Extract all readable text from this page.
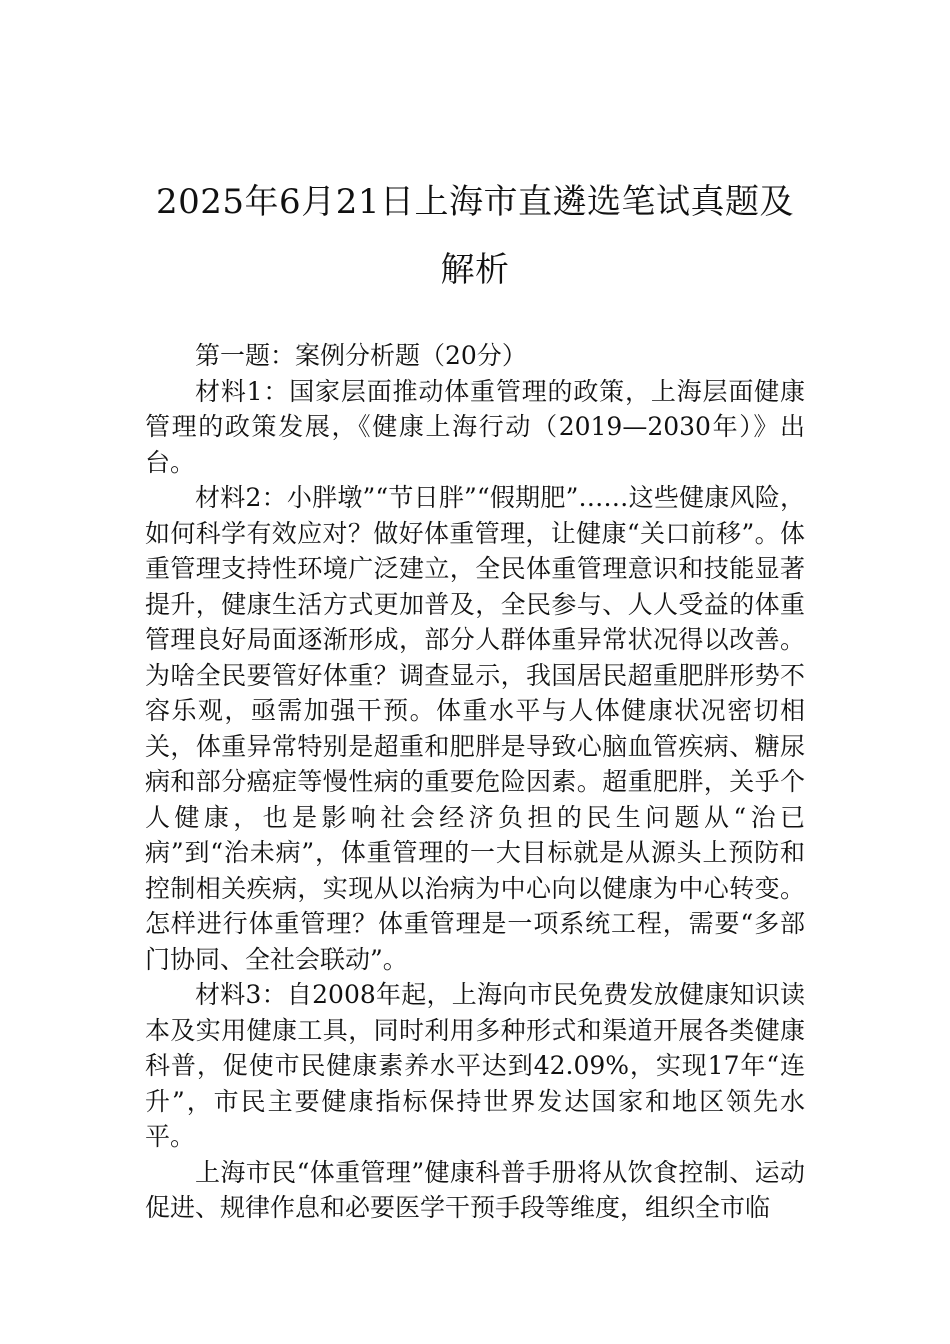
2025年6月21日上海市直遴选笔试真题及
解析

第一题：案例分析题（20分）

材料1：国家层面推动体重管理的政策，上海层面健康管理的政策发展，《健康上海行动（2019—2030年）》出台。

材料2：小胖墩”“节日胖”“假期肥”……这些健康风险，如何科学有效应对？做好体重管理，让健康“关口前移”。体重管理支持性环境广泛建立，全民体重管理意识和技能显著提升，健康生活方式更加普及，全民参与、人人受益的体重管理良好局面逐渐形成，部分人群体重异常状况得以改善。为啥全民要管好体重？调查显示，我国居民超重肥胖形势不容乐观，亟需加强干预。体重水平与人体健康状况密切相关，体重异常特别是超重和肥胖是导致心脑血管疾病、糖尿病和部分癌症等慢性病的重要危险因素。超重肥胖，关乎个人健康，也是影响社会经济负担的民生问题从“治已病”到“治未病”，体重管理的一大目标就是从源头上预防和控制相关疾病，实现从以治病为中心向以健康为中心转变。怎样进行体重管理？体重管理是一项系统工程，需要“多部门协同、全社会联动”。

材料3：自2008年起，上海向市民免费发放健康知识读本及实用健康工具，同时利用多种形式和渠道开展各类健康科普，促使市民健康素养水平达到42.09%，实现17年“连升”，市民主要健康指标保持世界发达国家和地区领先水平。

上海市民“体重管理”健康科普手册将从饮食控制、运动促进、规律作息和必要医学干预手段等维度，组织全市临
